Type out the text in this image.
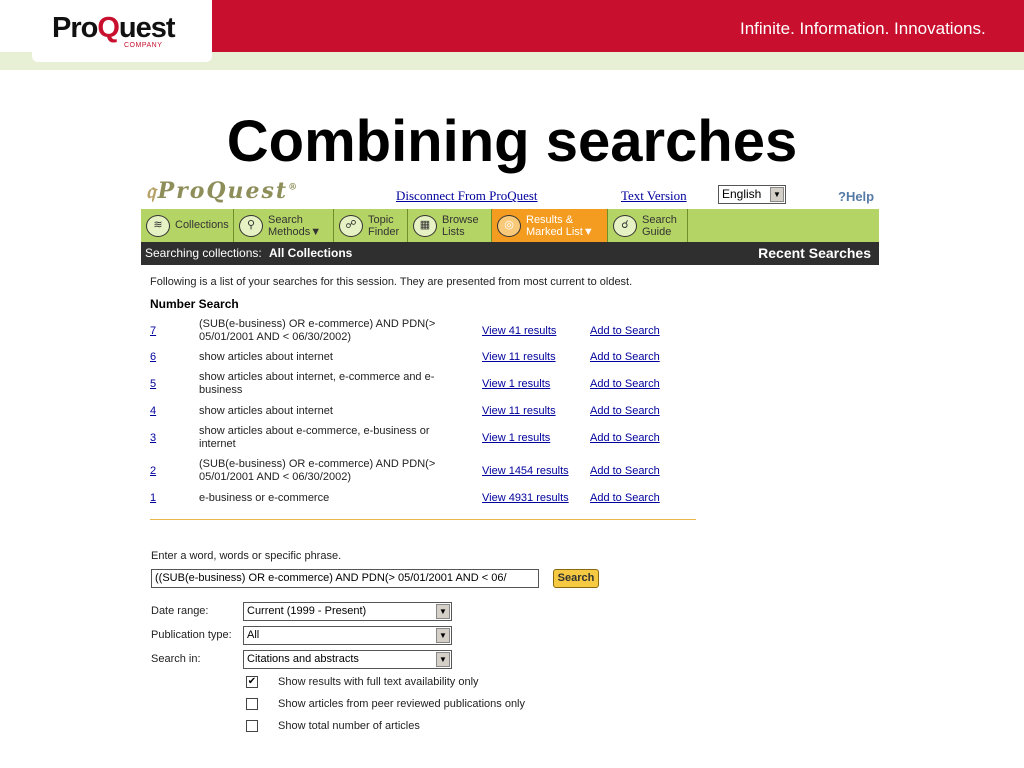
ProQuest
COMPANY
Infinite. Information. Innovations.
Combining searches
𝔮ProQuest®
Disconnect From ProQuest	Text Version	English	▼	?Help
≋	Collections	⚲	Search
Methods▼
☍	Topic
Finder
▦	Browse
Lists
◎	Results &
Marked List▼
☌	Search
Guide
Searching collections: All Collections	Recent Searches
Following is a list of your searches for this session. They are presented from most current to oldest.
Number Search
7
(SUB(e-business) OR e-commerce) AND PDN(> 05/01/2001 AND < 06/30/2002)	View 41 results	Add to Search
6	show articles about internet	View 11 results	Add to Search
5
show articles about internet, e-commerce and e-business	View 1 results	Add to Search
4	show articles about internet	View 11 results	Add to Search
3
show articles about e-commerce, e-business or internet	View 1 results	Add to Search
2
(SUB(e-business) OR e-commerce) AND PDN(> 05/01/2001 AND < 06/30/2002)	View 1454 results Add to Search
1	e-business or e-commerce	View 4931 results Add to Search
Enter a word, words or specific phrase.
((SUB(e-business) OR e-commerce) AND PDN(> 05/01/2001 AND < 06/	Search
Date range:	Current (1999 - Present)	▼
Publication type:	All	▼
Search in:	Citations and abstracts	▼
✔ Show results with full text availability only
Show articles from peer reviewed publications only
Show total number of articles
